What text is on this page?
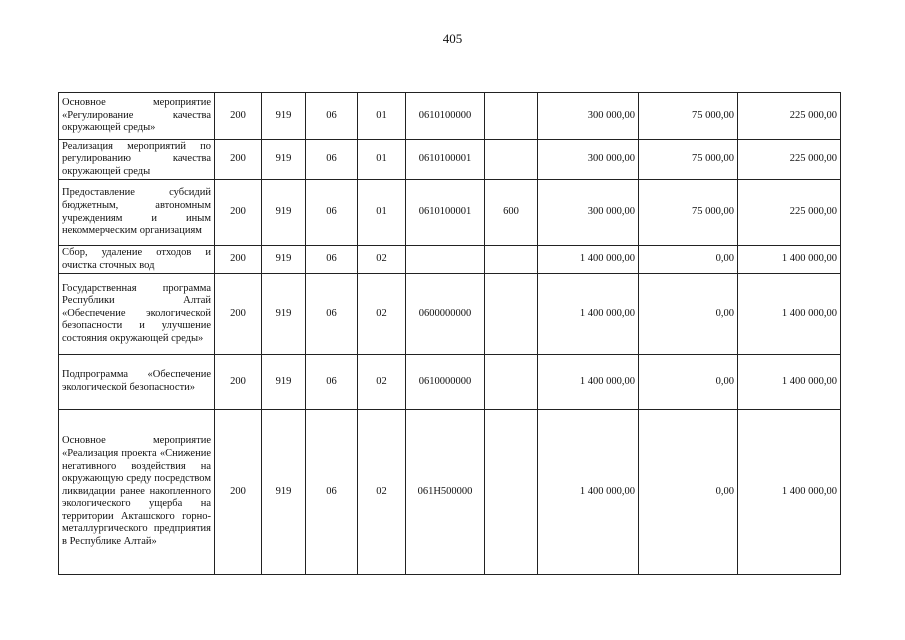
405
Основное мероприятие «Регулирование качества окружающей среды»	200	919	06	01	0610100000		300 000,00	75 000,00	225 000,00
Реализация мероприятий по регулированию качества окружающей среды	200	919	06	01	0610100001		300 000,00	75 000,00	225 000,00
Предоставление субсидий бюджетным, автономным учреждениям и иным некоммерческим организациям	200	919	06	01	0610100001	600	300 000,00	75 000,00	225 000,00
Сбор, удаление отходов и очистка сточных вод	200	919	06	02			1 400 000,00	0,00	1 400 000,00
Государственная программа Республики Алтай «Обеспечение экологической безопасности и улучшение состояния окружающей среды»	200	919	06	02	0600000000		1 400 000,00	0,00	1 400 000,00
Подпрограмма «Обеспечение экологической безопасности»	200	919	06	02	0610000000		1 400 000,00	0,00	1 400 000,00
Основное мероприятие «Реализация проекта «Снижение негативного воздействия на окружающую среду посредством ликвидации ранее накопленного экологического ущерба на территории Акташского горно-металлургического предприятия в Республике Алтай»	200	919	06	02	061Н500000		1 400 000,00	0,00	1 400 000,00
